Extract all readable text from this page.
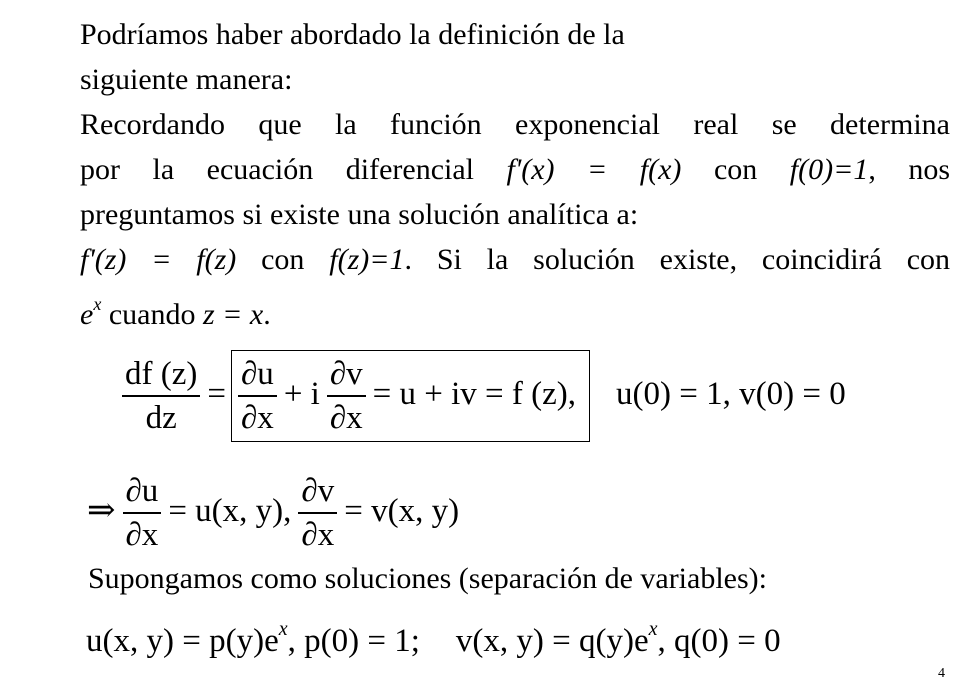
Podríamos haber abordado la definición de la
siguiente manera:
Recordando que la función exponencial real se determina
por la ecuación diferencial f'(x) = f(x) con f(0)=1, nos
preguntamos si existe una solución analítica a:
f'(z) = f(z) con f(z)=1. Si la solución existe, coincidirá con
$e^x$ cuando z = x.
$\frac{df (z)}{dz} = \frac{\partial u}{\partial x} + i \frac{\partial v}{\partial x} = u$ + iv = f (z), u(0) = 1, v(0) = 0
⇒ $\frac{\partial u}{\partial x} = u(x$, y), $\frac{\partial v}{\partial x} = v(x$, y)
Supongamos como soluciones (separación de variables):
u(x, $y) = p(y)e^x$, p(0) = 1; v(x, $y) = q(y)e^x$, q(0) = 0
4
